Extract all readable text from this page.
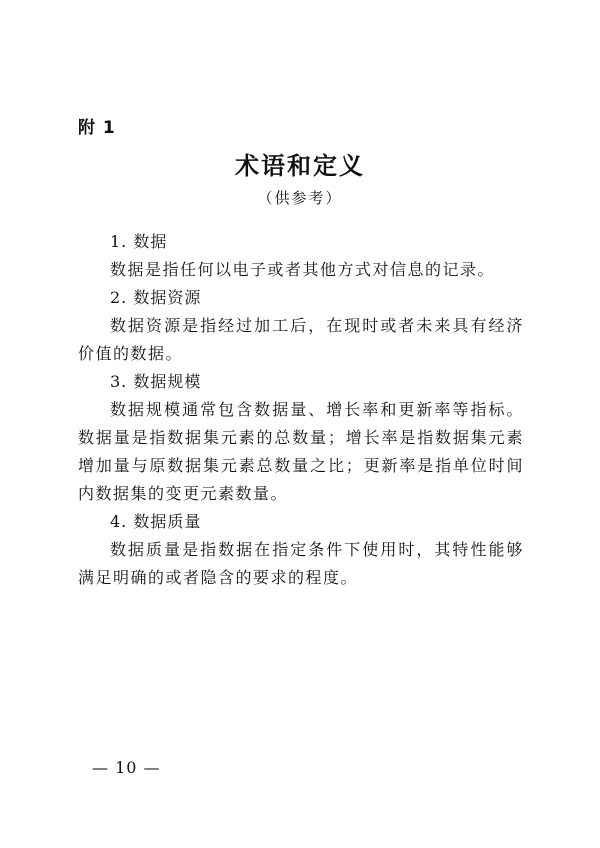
附 1
术语和定义
（供参考）

1. 数据

数据是指任何以电子或者其他方式对信息的记录。

2. 数据资源

数据资源是指经过加工后，在现时或者未来具有经济价值的数据。

3. 数据规模

数据规模通常包含数据量、增长率和更新率等指标。数据量是指数据集元素的总数量；增长率是指数据集元素增加量与原数据集元素总数量之比；更新率是指单位时间内数据集的变更元素数量。

4. 数据质量

数据质量是指数据在指定条件下使用时，其特性能够满足明确的或者隐含的要求的程度。

— 10 —
